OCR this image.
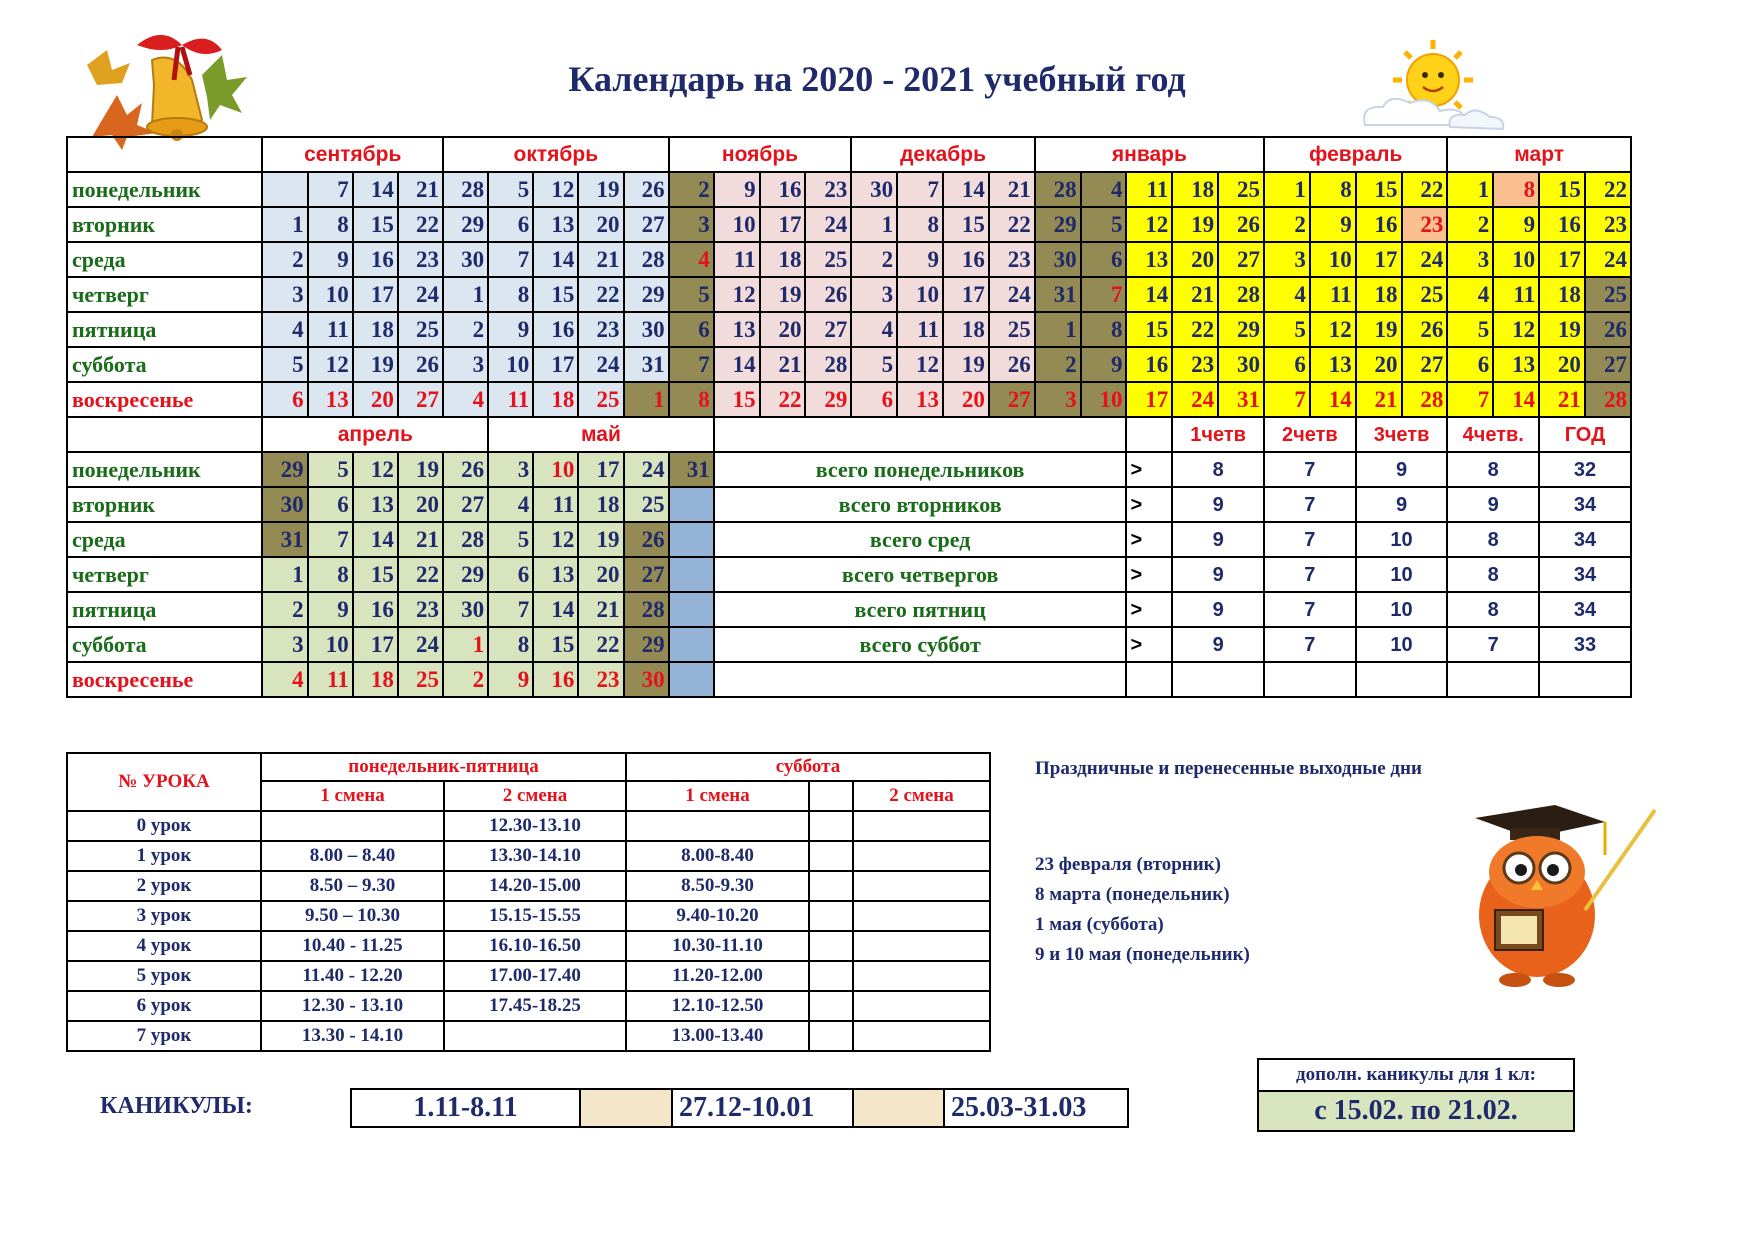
Календарь на 2020 - 2021 учебный год
	сентябрь				октябрь					ноябрь				декабрь				январь					февраль				март			
понедельник		7	14	21	28	5	12	19	26	2	9	16	23	30	7	14	21	28	4	11	18	25	1	8	15	22	1	8	15	22
вторник	1	8	15	22	29	6	13	20	27	3	10	17	24	1	8	15	22	29	5	12	19	26	2	9	16	23	2	9	16	23
среда	2	9	16	23	30	7	14	21	28	4	11	18	25	2	9	16	23	30	6	13	20	27	3	10	17	24	3	10	17	24
четверг	3	10	17	24	1	8	15	22	29	5	12	19	26	3	10	17	24	31	7	14	21	28	4	11	18	25	4	11	18	25
пятница	4	11	18	25	2	9	16	23	30	6	13	20	27	4	11	18	25	1	8	15	22	29	5	12	19	26	5	12	19	26
суббота	5	12	19	26	3	10	17	24	31	7	14	21	28	5	12	19	26	2	9	16	23	30	6	13	20	27	6	13	20	27
воскресенье	6	13	20	27	4	11	18	25	1	8	15	22	29	6	13	20	27	3	10	17	24	31	7	14	21	28	7	14	21	28
	апрель					май															1четв		2четв		3четв		4четв.		ГОД	
понедельник	29	5	12	19	26	3	10	17	24	31	всего понедельников									>	8		7		9		8		32	
вторник	30	6	13	20	27	4	11	18	25		всего вторников									>	9		7		9		9		34	
среда	31	7	14	21	28	5	12	19	26		всего сред									>	9		7		10		8		34	
четверг	1	8	15	22	29	6	13	20	27		всего четвергов									>	9		7		10		8		34	
пятница	2	9	16	23	30	7	14	21	28		всего пятниц									>	9		7		10		8		34	
суббота	3	10	17	24	1	8	15	22	29		всего суббот									>	9		7		10		7		33	
воскресенье	4	11	18	25	2	9	16	23	30																					
№ УРОКА	понедельник-пятница		суббота		
	1 смена	2 смена	1 смена		2 смена
0 урок		12.30-13.10			
1 урок	8.00 – 8.40	13.30-14.10	8.00-8.40		
2 урок	8.50 – 9.30	14.20-15.00	8.50-9.30		
3 урок	9.50 – 10.30	15.15-15.55	9.40-10.20		
4 урок	10.40 - 11.25	16.10-16.50	10.30-11.10		
5 урок	11.40 - 12.20	17.00-17.40	11.20-12.00		
6 урок	12.30 - 13.10	17.45-18.25	12.10-12.50		
7 урок	13.30 - 14.10		13.00-13.40		
Праздничные и перенесенные выходные дни
23 февраля (вторник)
8 марта (понедельник)
1 мая (суббота)
9 и 10 мая (понедельник)
КАНИКУЛЫ:	1.11-8.11		27.12-10.01		25.03-31.03
дополн. каникулы для 1 кл:
с 15.02. по 21.02.
